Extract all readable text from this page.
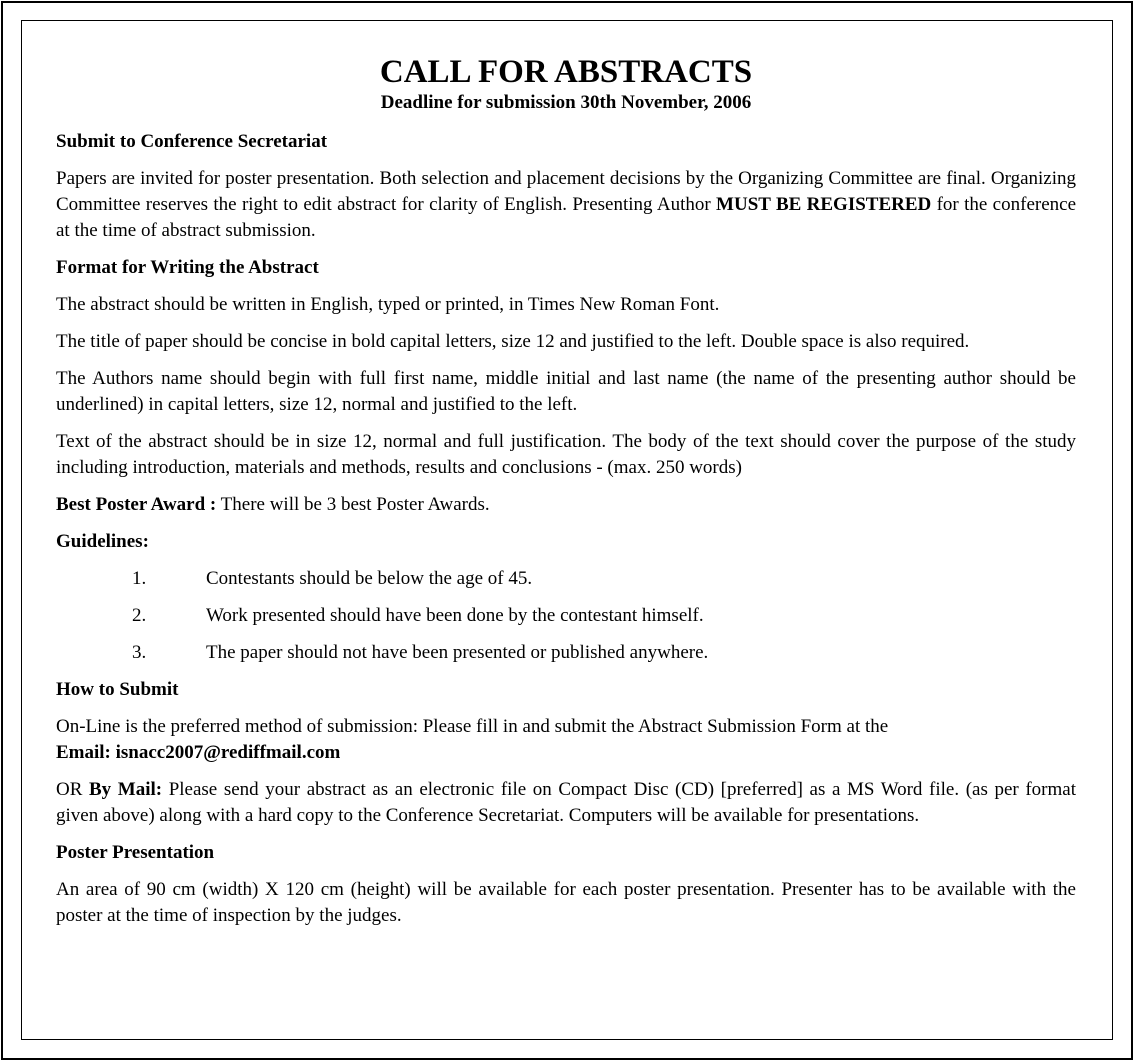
CALL FOR ABSTRACTS
Deadline for submission 30th November, 2006
Submit to Conference Secretariat

Papers are invited for poster presentation. Both selection and placement decisions by the Organizing Committee are final. Organizing Committee reserves the right to edit abstract for clarity of English. Presenting Author MUST BE REGISTERED for the conference at the time of abstract submission.

Format for Writing the Abstract

The abstract should be written in English, typed or printed, in Times New Roman Font.

The title of paper should be concise in bold capital letters, size 12 and justified to the left. Double space is also required.

The Authors name should begin with full first name, middle initial and last name (the name of the presenting author should be underlined) in capital letters, size 12, normal and justified to the left.

Text of the abstract should be in size 12, normal and full justification. The body of the text should cover the purpose of the study including introduction, materials and methods, results and conclusions - (max. 250 words)

Best Poster Award : There will be 3 best Poster Awards.

Guidelines:
1.	Contestants should be below the age of 45.
2.	Work presented should have been done by the contestant himself.
3.	The paper should not have been presented or published anywhere.
How to Submit

On-Line is the preferred method of submission: Please fill in and submit the Abstract Submission Form at the
Email: isnacc2007@rediffmail.com

OR By Mail: Please send your abstract as an electronic file on Compact Disc (CD) [preferred] as a MS Word file. (as per format given above) along with a hard copy to the Conference Secretariat. Computers will be available for presentations.

Poster Presentation

An area of 90 cm (width) X 120 cm (height) will be available for each poster presentation. Presenter has to be available with the poster at the time of inspection by the judges.
